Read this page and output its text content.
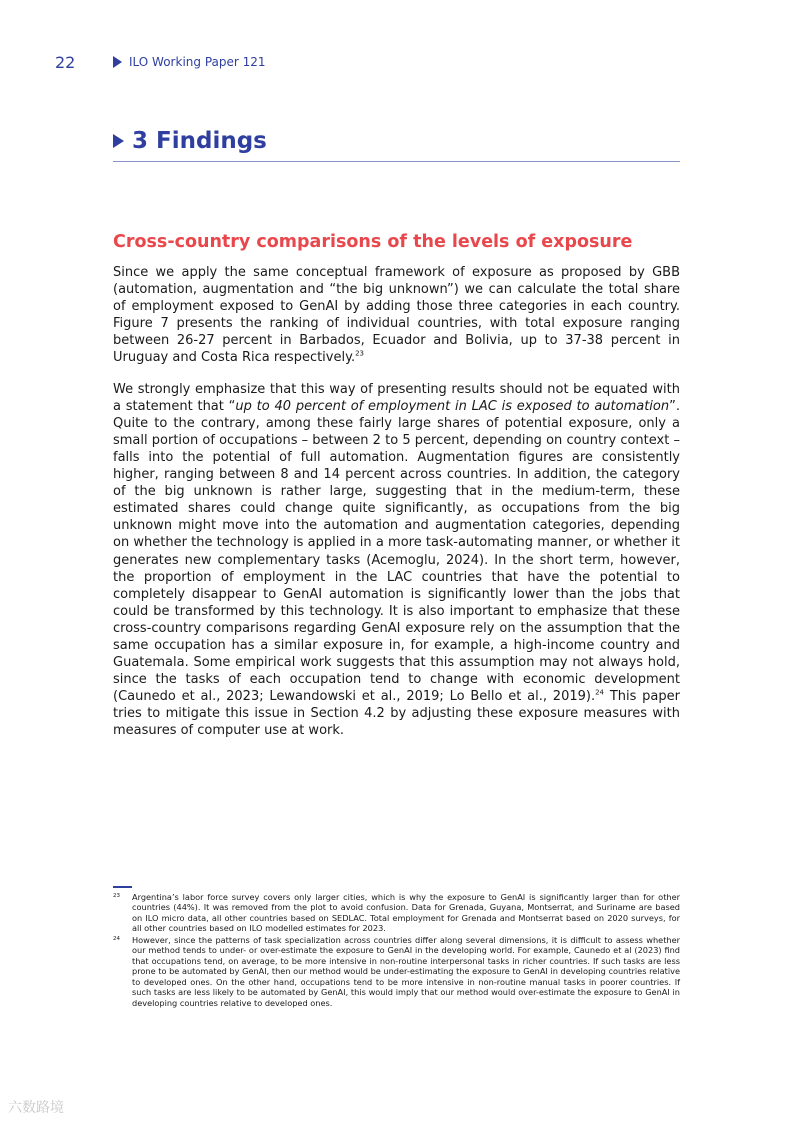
22	ILO Working Paper 121
3 Findings
Cross-country comparisons of the levels of exposure

Since we apply the same conceptual framework of exposure as proposed by GBB (automation, augmentation and “the big unknown”) we can calculate the total share of employment exposed to GenAI by adding those three categories in each country. Figure 7 presents the ranking of individual countries, with total exposure ranging between 26-27 percent in Barbados, Ecuador and Bolivia, up to 37-38 percent in Uruguay and Costa Rica respectively.$^{23}$

We strongly emphasize that this way of presenting results should not be equated with a statement that “up to 40 percent of employment in LAC is exposed to automation”. Quite to the contrary, among these fairly large shares of potential exposure, only a small portion of occupations – between 2 to 5 percent, depending on country context – falls into the potential of full automation. Augmentation figures are consistently higher, ranging between 8 and 14 percent across countries. In addition, the category of the big unknown is rather large, suggesting that in the medium-term, these estimated shares could change quite significantly, as occupations from the big unknown might move into the automation and augmentation categories, depending on whether the technology is applied in a more task-automating manner, or whether it generates new complementary tasks (Acemoglu, 2024). In the short term, however, the proportion of employment in the LAC countries that have the potential to completely disappear to GenAI automation is significantly lower than the jobs that could be transformed by this technology. It is also important to emphasize that these cross-country comparisons regarding GenAI exposure rely on the assumption that the same occupation has a similar exposure in, for example, a high-income country and Guatemala. Some empirical work suggests that this assumption may not always hold, since the tasks of each occupation tend to change with economic development (Caunedo et al., 2023; Lewandowski et al., 2019; Lo Bello et al., 2019).$^{24}$ This paper tries to mitigate this issue in Section 4.2 by adjusting these exposure measures with measures of computer use at work.

23	Argentina’s labor force survey covers only larger cities, which is why the exposure to GenAI is significantly larger than for other countries (44%). It was removed from the plot to avoid confusion. Data for Grenada, Guyana, Montserrat, and Suriname are based on ILO micro data, all other countries based on SEDLAC. Total employment for Grenada and Montserrat based on 2020 surveys, for all other countries based on ILO modelled estimates for 2023.
24	However, since the patterns of task specialization across countries differ along several dimensions, it is difficult to assess whether our method tends to under- or over-estimate the exposure to GenAI in the developing world. For example, Caunedo et al (2023) find that occupations tend, on average, to be more intensive in non-routine interpersonal tasks in richer countries. If such tasks are less prone to be automated by GenAI, then our method would be under-estimating the exposure to GenAI in developing countries relative to developed ones. On the other hand, occupations tend to be more intensive in non-routine manual tasks in poorer countries. If such tasks are less likely to be automated by GenAI, this would imply that our method would over-estimate the exposure to GenAI in developing countries relative to developed ones.
六数路境
